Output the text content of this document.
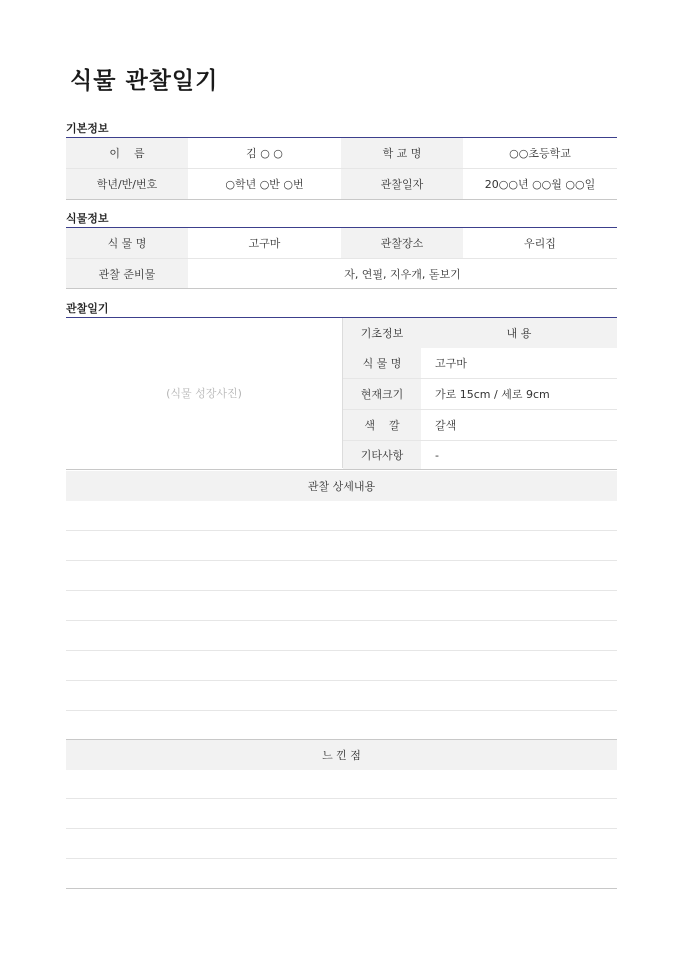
식물 관찰일기
기본정보
이    름	김 ○ ○	학 교 명	○○초등학교
학년/반/번호	○학년 ○반 ○번	관찰일자	20○○년 ○○월 ○○일
식물정보
식 물 명	고구마	관찰장소	우리집
관찰 준비물	자, 연필, 지우개, 돋보기
관찰일기
(식물 성장사진)
기초정보	내 용
식 물 명	고구마
현재크기	가로 15cm / 세로 9cm
색    깔	갈색
기타사항	-
관찰 상세내용
느 낀 점
